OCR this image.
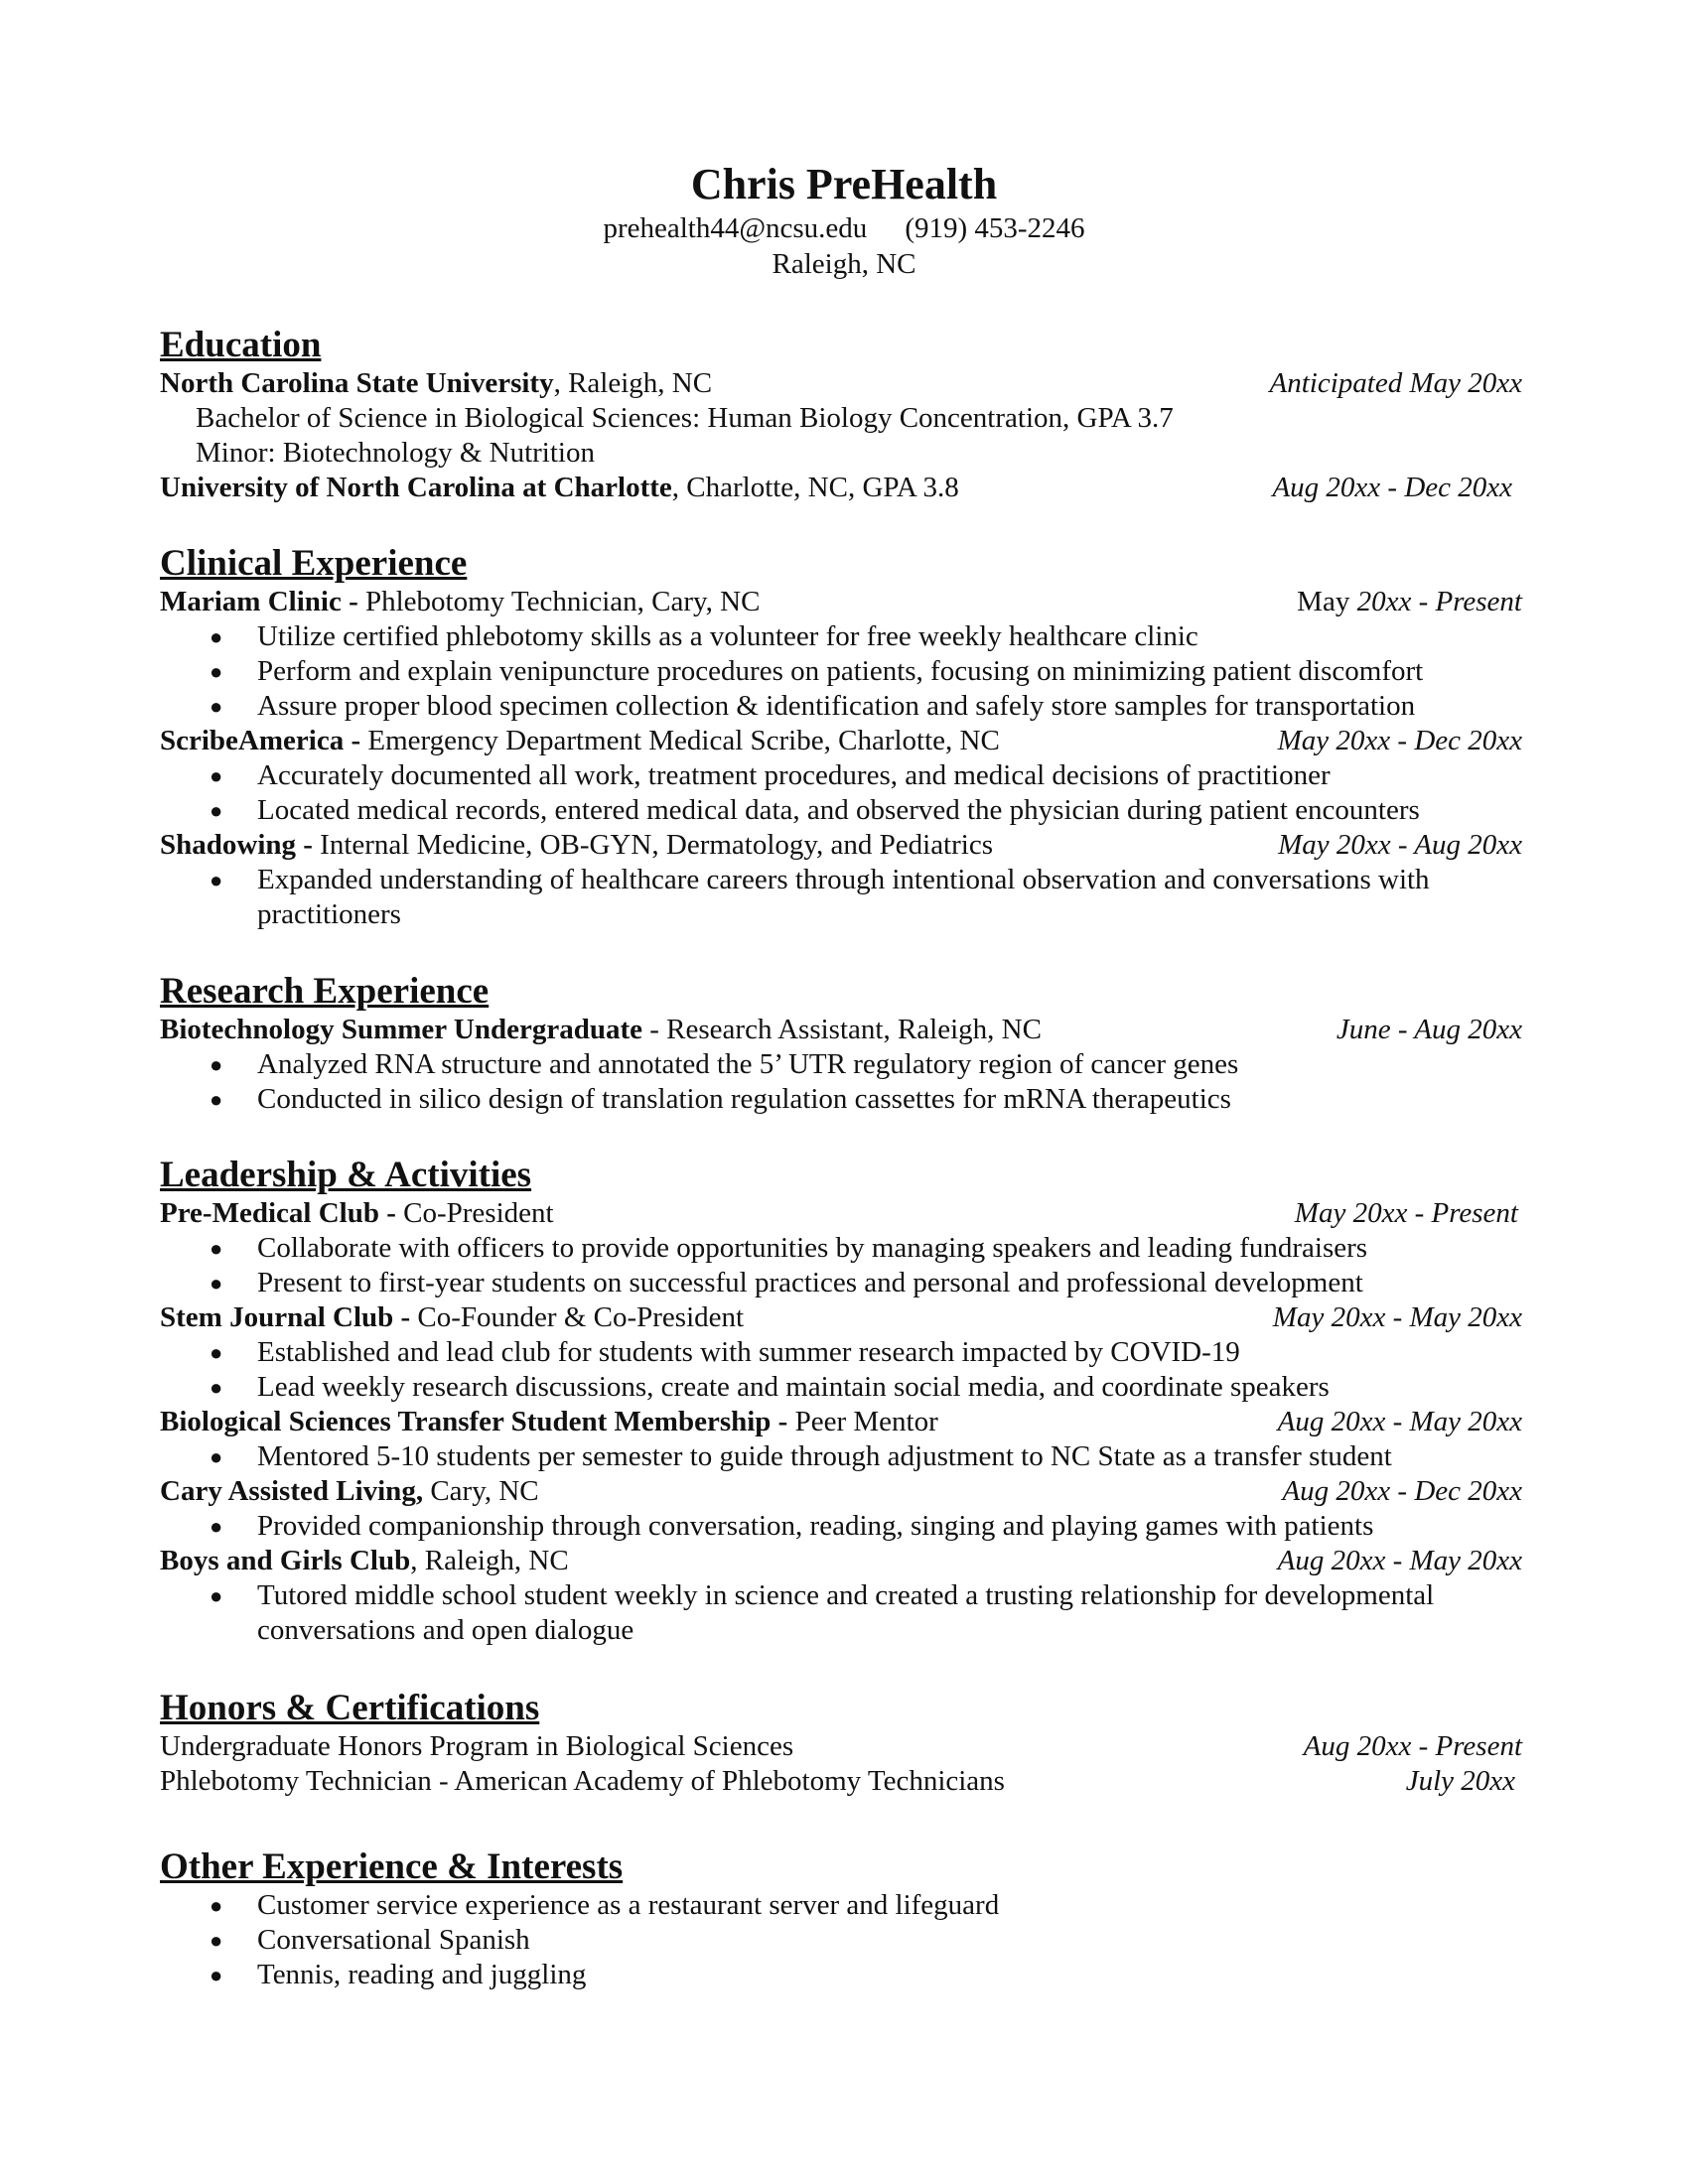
Chris PreHealth
prehealth44@ncsu.edu (919) 453-2246
Raleigh, NC
Education
North Carolina State University, Raleigh, NC	Anticipated May 20xx
Bachelor of Science in Biological Sciences: Human Biology Concentration, GPA 3.7
Minor: Biotechnology & Nutrition
University of North Carolina at Charlotte, Charlotte, NC, GPA 3.8	Aug 20xx - Dec 20xx
Clinical Experience
Mariam Clinic - Phlebotomy Technician, Cary, NC	May 20xx - Present
● Utilize certified phlebotomy skills as a volunteer for free weekly healthcare clinic
● Perform and explain venipuncture procedures on patients, focusing on minimizing patient discomfort
● Assure proper blood specimen collection & identification and safely store samples for transportation
ScribeAmerica - Emergency Department Medical Scribe, Charlotte, NC	May 20xx - Dec 20xx
● Accurately documented all work, treatment procedures, and medical decisions of practitioner
● Located medical records, entered medical data, and observed the physician during patient encounters
Shadowing - Internal Medicine, OB-GYN, Dermatology, and Pediatrics	May 20xx - Aug 20xx
● Expanded understanding of healthcare careers through intentional observation and conversations with practitioners
Research Experience
Biotechnology Summer Undergraduate - Research Assistant, Raleigh, NC	June - Aug 20xx
● Analyzed RNA structure and annotated the 5’ UTR regulatory region of cancer genes
● Conducted in silico design of translation regulation cassettes for mRNA therapeutics
Leadership & Activities
Pre-Medical Club - Co-President	May 20xx - Present
● Collaborate with officers to provide opportunities by managing speakers and leading fundraisers
● Present to first-year students on successful practices and personal and professional development
Stem Journal Club - Co-Founder & Co-President	May 20xx - May 20xx
● Established and lead club for students with summer research impacted by COVID-19
● Lead weekly research discussions, create and maintain social media, and coordinate speakers
Biological Sciences Transfer Student Membership - Peer Mentor	Aug 20xx - May 20xx
● Mentored 5-10 students per semester to guide through adjustment to NC State as a transfer student
Cary Assisted Living, Cary, NC	Aug 20xx - Dec 20xx
● Provided companionship through conversation, reading, singing and playing games with patients
Boys and Girls Club, Raleigh, NC	Aug 20xx - May 20xx
● Tutored middle school student weekly in science and created a trusting relationship for developmental conversations and open dialogue
Honors & Certifications
Undergraduate Honors Program in Biological Sciences	Aug 20xx - Present
Phlebotomy Technician - American Academy of Phlebotomy Technicians	July 20xx
Other Experience & Interests
● Customer service experience as a restaurant server and lifeguard
● Conversational Spanish
● Tennis, reading and juggling
